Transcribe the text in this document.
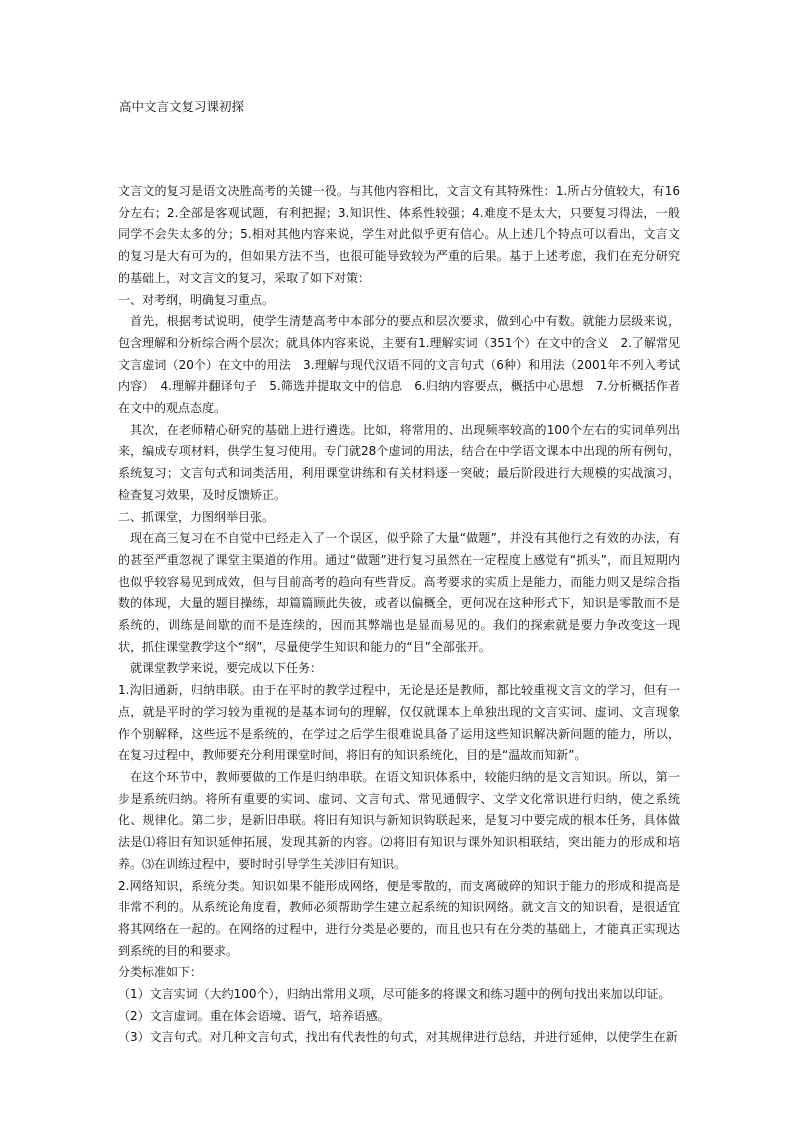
高中文言文复习课初探

文言文的复习是语文决胜高考的关键一役。与其他内容相比，文言文有其特殊性：1.所占分值较大，有16分左右；2.全部是客观试题，有利把握；3.知识性、体系性较强；4.难度不是太大，只要复习得法，一般同学不会失太多的分；5.相对其他内容来说，学生对此似乎更有信心。从上述几个特点可以看出，文言文的复习是大有可为的，但如果方法不当，也很可能导致较为严重的后果。基于上述考虑，我们在充分研究的基础上，对文言文的复习，采取了如下对策：

一、对考纲，明确复习重点。

首先，根据考试说明，使学生清楚高考中本部分的要点和层次要求，做到心中有数。就能力层级来说，包含理解和分析综合两个层次；就具体内容来说，主要有1.理解实词（351个）在文中的含义　2.了解常见文言虚词（20个）在文中的用法　3.理解与现代汉语不同的文言句式（6种）和用法（2001年不列入考试内容）　4.理解并翻译句子　5.筛选并提取文中的信息　6.归纳内容要点，概括中心思想　7.分析概括作者在文中的观点态度。

其次，在老师精心研究的基础上进行遴选。比如，将常用的、出现频率较高的100个左右的实词单列出来，编成专项材料，供学生复习使用。专门就28个虚词的用法，结合在中学语文课本中出现的所有例句，系统复习；文言句式和词类活用，利用课堂讲练和有关材料逐一突破；最后阶段进行大规模的实战演习，检查复习效果，及时反馈矫正。

二、抓课堂，力图纲举目张。

现在高三复习在不自觉中已经走入了一个误区，似乎除了大量“做题”，并没有其他行之有效的办法，有的甚至严重忽视了课堂主渠道的作用。通过“做题”进行复习虽然在一定程度上感觉有“抓头”，而且短期内也似乎较容易见到成效，但与目前高考的趋向有些背反。高考要求的实质上是能力，而能力则又是综合指数的体现，大量的题目操练，却篇篇顾此失彼，或者以偏概全，更何况在这种形式下，知识是零散而不是系统的，训练是间歇的而不是连续的，因而其弊端也是显而易见的。我们的探索就是要力争改变这一现状，抓住课堂教学这个“纲”，尽量使学生知识和能力的“目”全部张开。

就课堂教学来说，要完成以下任务：

1.沟旧通新，归纳串联。由于在平时的教学过程中，无论是还是教师，都比较重视文言文的学习，但有一点，就是平时的学习较为重视的是基本词句的理解，仅仅就课本上单独出现的文言实词、虚词、文言现象作个别解释，这些远不是系统的，在学过之后学生很难说具备了运用这些知识解决新问题的能力，所以，在复习过程中，教师要充分利用课堂时间，将旧有的知识系统化，目的是“温故而知新”。

在这个环节中，教师要做的工作是归纳串联。在语文知识体系中，较能归纳的是文言知识。所以，第一步是系统归纳。将所有重要的实词、虚词、文言句式、常见通假字、文学文化常识进行归纳，使之系统化、规律化。第二步，是新旧串联。将旧有知识与新知识钩联起来，是复习中要完成的根本任务，具体做法是⑴将旧有知识延伸拓展，发现其新的内容。⑵将旧有知识与课外知识相联结，突出能力的形成和培养。⑶在训练过程中，要时时引导学生关涉旧有知识。

2.网络知识，系统分类。知识如果不能形成网络，便是零散的，而支离破碎的知识于能力的形成和提高是非常不利的。从系统论角度看，教师必须帮助学生建立起系统的知识网络。就文言文的知识看，是很适宜将其网络在一起的。在网络的过程中，进行分类是必要的，而且也只有在分类的基础上，才能真正实现达到系统的目的和要求。

分类标准如下：

（1）文言实词（大约100个），归纳出常用义项，尽可能多的将课文和练习题中的例句找出来加以印证。

（2）文言虚词。重在体会语境、语气，培养语感。

（3）文言句式。对几种文言句式，找出有代表性的句式，对其规律进行总结，并进行延伸，以使学生在新
